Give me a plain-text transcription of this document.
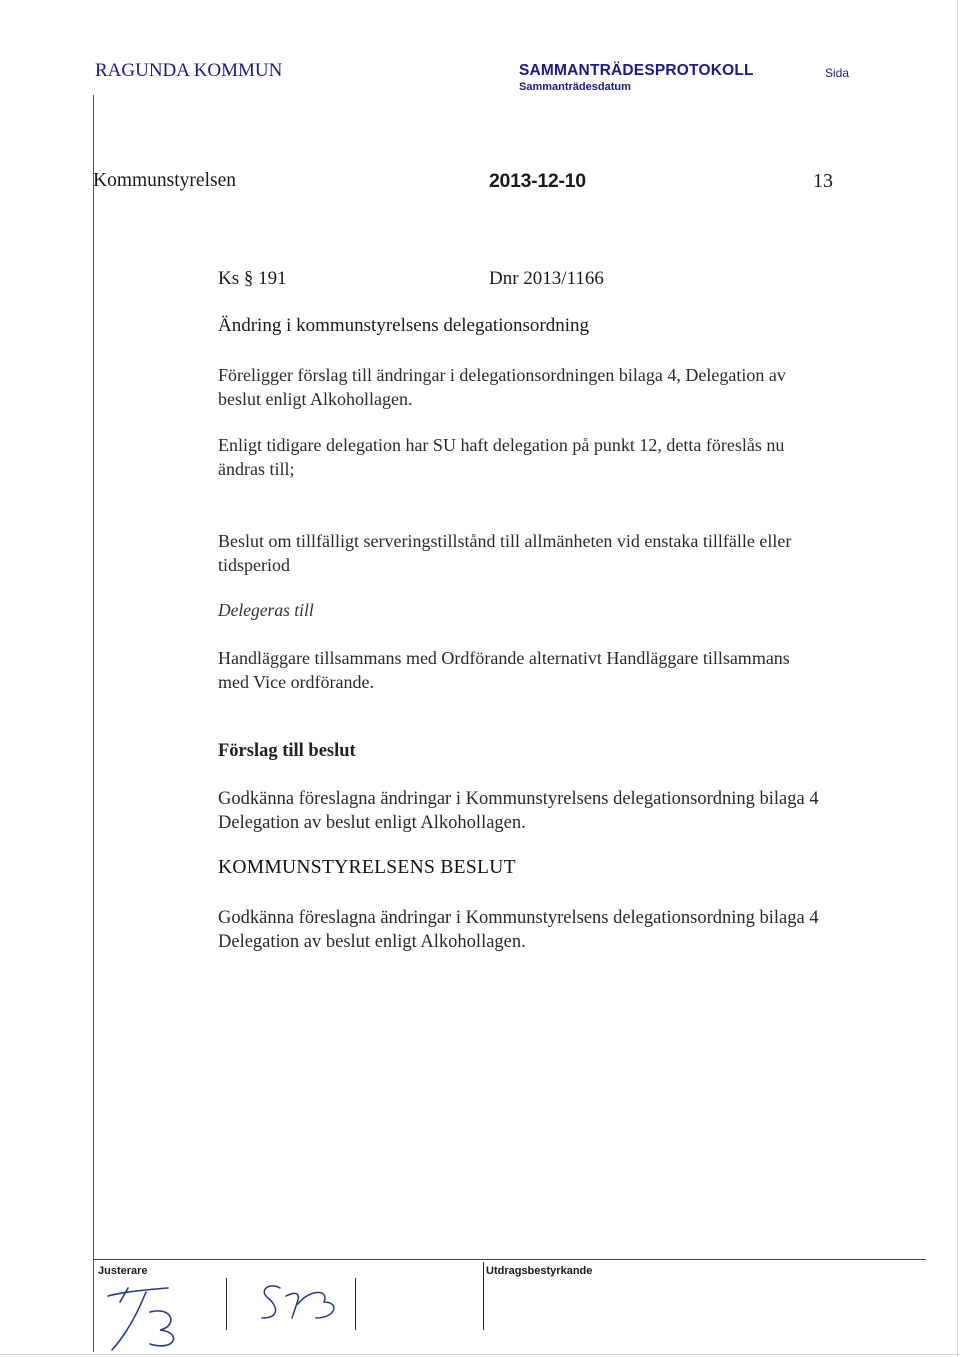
RAGUNDA KOMMUN	SAMMANTRÄDESPROTOKOLL
Sammanträdesdatum
Sida
Kommunstyrelsen	2013-12-10	13
Ks § 191	Dnr 2013/1166
Ändring i kommunstyrelsens delegationsordning
Föreligger förslag till ändringar i delegationsordningen bilaga 4, Delegation av
beslut enligt Alkohollagen.
Enligt tidigare delegation har SU haft delegation på punkt 12, detta föreslås nu
ändras till;
Beslut om tillfälligt serveringstillstånd till allmänheten vid enstaka tillfälle eller
tidsperiod
Delegeras till
Handläggare tillsammans med Ordförande alternativt Handläggare tillsammans
med Vice ordförande.
Förslag till beslut
Godkänna föreslagna ändringar i Kommunstyrelsens delegationsordning bilaga 4
Delegation av beslut enligt Alkohollagen.
KOMMUNSTYRELSENS BESLUT
Godkänna föreslagna ändringar i Kommunstyrelsens delegationsordning bilaga 4
Delegation av beslut enligt Alkohollagen.
Justerare	Utdragsbestyrkande
